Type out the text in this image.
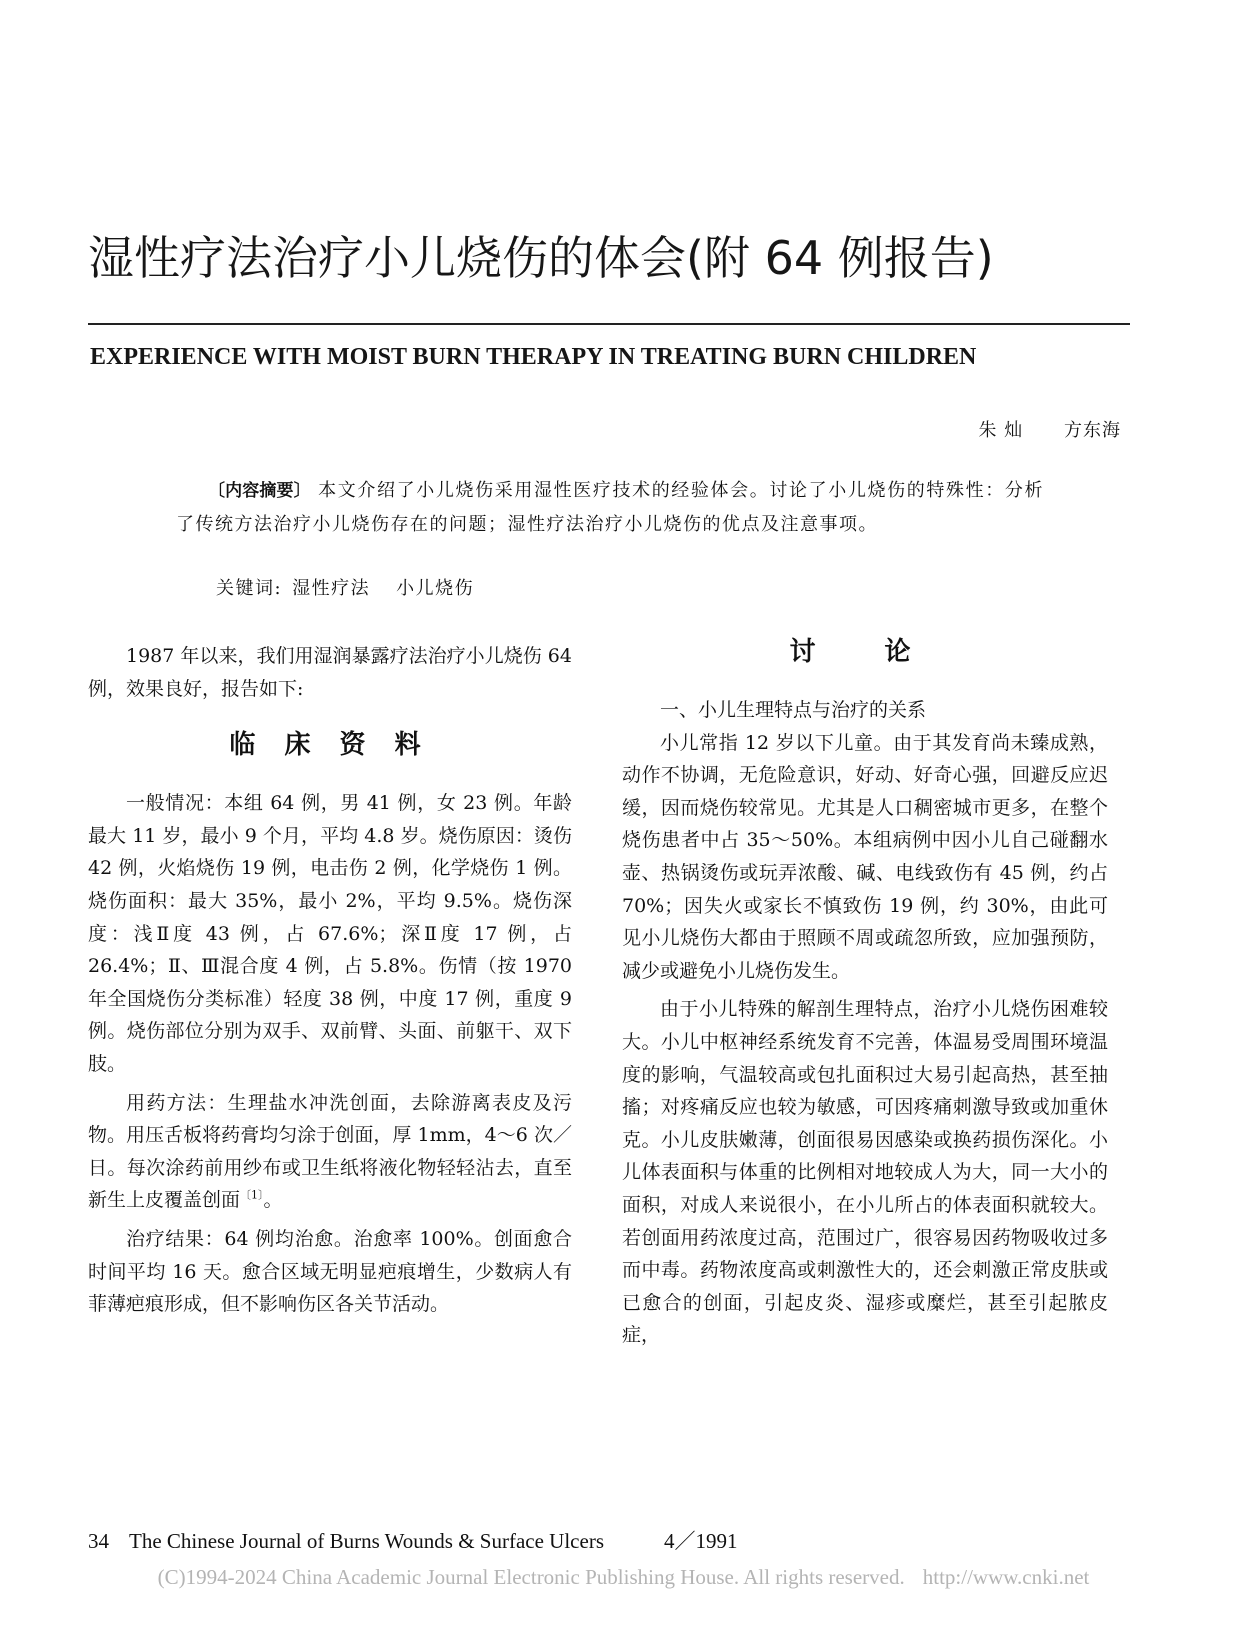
湿性疗法治疗小儿烧伤的体会(附 64 例报告)
EXPERIENCE WITH MOIST BURN THERAPY IN TREATING BURN CHILDREN
朱 灿 方东海
〔内容摘要〕 本文介绍了小儿烧伤采用湿性医疗技术的经验体会。讨论了小儿烧伤的特殊性：分析了传统方法治疗小儿烧伤存在的问题；湿性疗法治疗小儿烧伤的优点及注意事项。
关键词: 湿性疗法 小儿烧伤

1987 年以来，我们用湿润暴露疗法治疗小儿烧伤 64 例，效果良好，报告如下:

临 床 资 料

一般情况：本组 64 例，男 41 例，女 23 例。年龄最大 11 岁，最小 9 个月，平均 4.8 岁。烧伤原因：烫伤 42 例，火焰烧伤 19 例，电击伤 2 例，化学烧伤 1 例。烧伤面积：最大 35%，最小 2%，平均 9.5%。烧伤深度：浅Ⅱ度 43 例，占 67.6%；深Ⅱ度 17 例，占 26.4%；Ⅱ、Ⅲ混合度 4 例，占 5.8%。伤情（按 1970 年全国烧伤分类标准）轻度 38 例，中度 17 例，重度 9 例。烧伤部位分别为双手、双前臂、头面、前躯干、双下肢。

用药方法：生理盐水冲洗创面，去除游离表皮及污物。用压舌板将药膏均匀涂于创面，厚 1mm，4～6 次／日。每次涂药前用纱布或卫生纸将液化物轻轻沾去，直至新生上皮覆盖创面$^{〔1〕}$。

治疗结果：64 例均治愈。治愈率 100%。创面愈合时间平均 16 天。愈合区域无明显疤痕增生，少数病人有菲薄疤痕形成，但不影响伤区各关节活动。

讨 论
一、小儿生理特点与治疗的关系

小儿常指 12 岁以下儿童。由于其发育尚未臻成熟，动作不协调，无危险意识，好动、好奇心强，回避反应迟缓，因而烧伤较常见。尤其是人口稠密城市更多，在整个烧伤患者中占 35～50%。本组病例中因小儿自己碰翻水壶、热锅烫伤或玩弄浓酸、碱、电线致伤有 45 例，约占 70%；因失火或家长不慎致伤 19 例，约 30%，由此可见小儿烧伤大都由于照顾不周或疏忽所致，应加强预防，减少或避免小儿烧伤发生。

由于小儿特殊的解剖生理特点，治疗小儿烧伤困难较大。小儿中枢神经系统发育不完善，体温易受周围环境温度的影响，气温较高或包扎面积过大易引起高热，甚至抽搐；对疼痛反应也较为敏感，可因疼痛刺激导致或加重休克。小儿皮肤嫩薄，创面很易因感染或换药损伤深化。小儿体表面积与体重的比例相对地较成人为大，同一大小的面积，对成人来说很小，在小儿所占的体表面积就较大。若创面用药浓度过高，范围过广，很容易因药物吸收过多而中毒。药物浓度高或刺激性大的，还会刺激正常皮肤或已愈合的创面，引起皮炎、湿疹或糜烂，甚至引起脓皮症，

34 The Chinese Journal of Burns Wounds & Surface Ulcers	4／1991
(C)1994-2024 China Academic Journal Electronic Publishing House. All rights reserved. http://www.cnki.net
